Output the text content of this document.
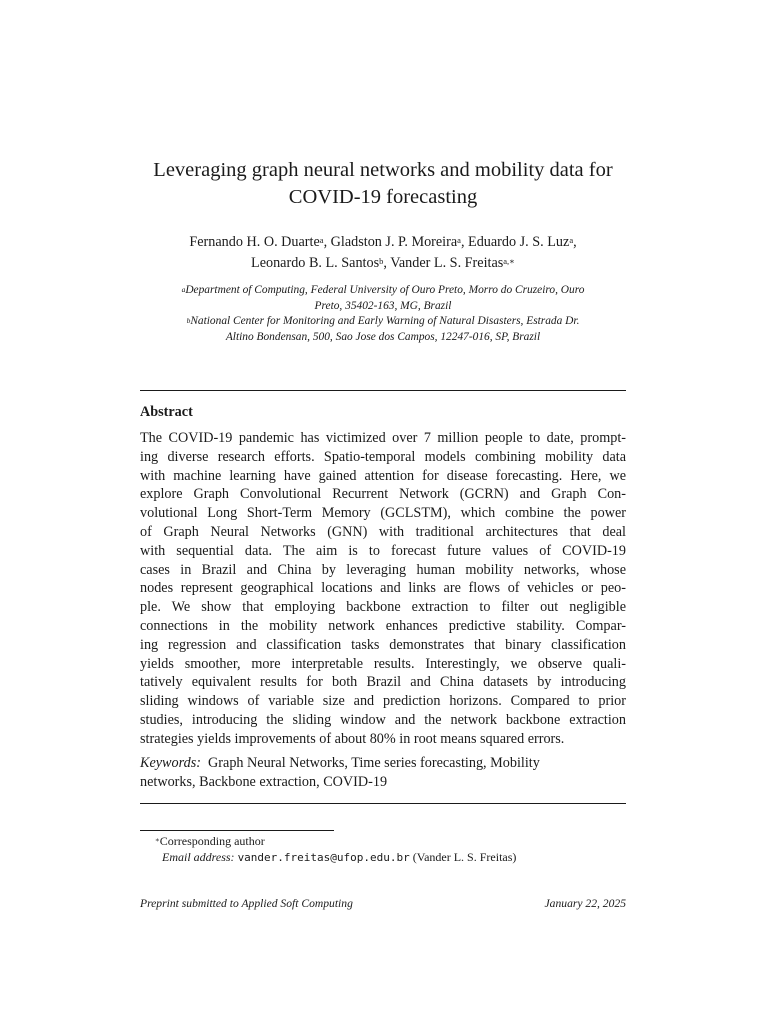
Leveraging graph neural networks and mobility data for
COVID-19 forecasting
Fernando H. O. Duarte$^a$, Gladston J. P. Moreira$^a$, Eduardo J. S. Luz$^a$,
Leonardo B. L. Santos$^b$, Vander L. S. Freitas$^{a,∗}$
$^a$Department of Computing, Federal University of Ouro Preto, Morro do Cruzeiro, Ouro
Preto, 35402-163, MG, Brazil
$^b$National Center for Monitoring and Early Warning of Natural Disasters, Estrada Dr.
Altino Bondensan, 500, Sao Jose dos Campos, 12247-016, SP, Brazil
Abstract
The COVID-19 pandemic has victimized over 7 million people to date, prompt-
ing diverse research efforts. Spatio-temporal models combining mobility data
with machine learning have gained attention for disease forecasting. Here, we
explore Graph Convolutional Recurrent Network (GCRN) and Graph Con-
volutional Long Short-Term Memory (GCLSTM), which combine the power
of Graph Neural Networks (GNN) with traditional architectures that deal
with sequential data. The aim is to forecast future values of COVID-19
cases in Brazil and China by leveraging human mobility networks, whose
nodes represent geographical locations and links are flows of vehicles or peo-
ple. We show that employing backbone extraction to filter out negligible
connections in the mobility network enhances predictive stability. Compar-
ing regression and classification tasks demonstrates that binary classification
yields smoother, more interpretable results. Interestingly, we observe quali-
tatively equivalent results for both Brazil and China datasets by introducing
sliding windows of variable size and prediction horizons. Compared to prior
studies, introducing the sliding window and the network backbone extraction
strategies yields improvements of about 80% in root means squared errors.
Keywords: Graph Neural Networks, Time series forecasting, Mobility
networks, Backbone extraction, COVID-19
∗Corresponding author
Email address: vander.freitas@ufop.edu.br (Vander L. S. Freitas)
Preprint submitted to Applied Soft Computing	January 22, 2025
